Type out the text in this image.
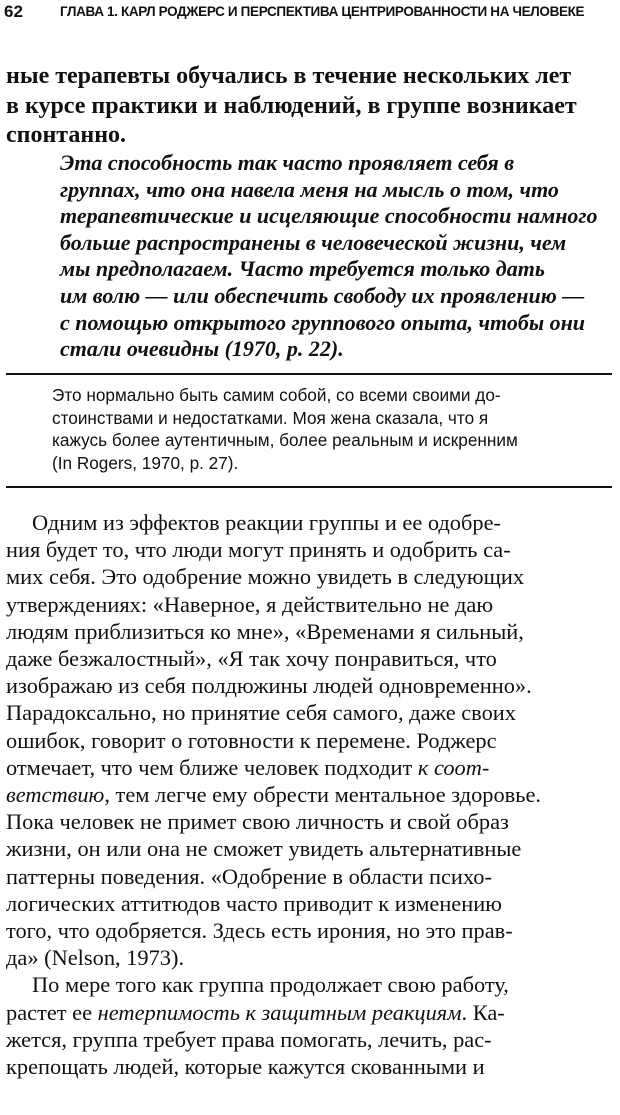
62	ГЛАВА 1. КАРЛ РОДЖЕРС И ПЕРСПЕКТИВА ЦЕНТРИРОВАННОСТИ НА ЧЕЛОВЕКЕ
ные терапевты обучались в течение нескольких лет
в курсе практики и наблюдений, в группе возникает
спонтанно.
Эта способность так часто проявляет себя в
группах, что она навела меня на мысль о том, что
терапевтические и исцеляющие способности намного
больше распространены в человеческой жизни, чем
мы предполагаем. Часто требуется только дать
им волю — или обеспечить свободу их проявлению —
с помощью открытого группового опыта, чтобы они
стали очевидны (1970, p. 22).
Это нормально быть самим собой, со всеми своими до-
стоинствами и недостатками. Моя жена сказала, что я
кажусь более аутентичным, более реальным и искренним
(In Rogers, 1970, p. 27).
Одним из эффектов реакции группы и ее одобре-
ния будет то, что люди могут принять и одобрить са-
мих себя. Это одобрение можно увидеть в следующих
утверждениях: «Наверное, я действительно не даю
людям приблизиться ко мне», «Временами я сильный,
даже безжалостный», «Я так хочу понравиться, что
изображаю из себя полдюжины людей одновременно».
Парадоксально, но принятие себя самого, даже своих
ошибок, говорит о готовности к перемене. Роджерс
отмечает, что чем ближе человек подходит к соот-
ветствию, тем легче ему обрести ментальное здоровье.
Пока человек не примет свою личность и свой образ
жизни, он или она не сможет увидеть альтернативные
паттерны поведения. «Одобрение в области психо-
логических аттитюдов часто приводит к изменению
того, что одобряется. Здесь есть ирония, но это прав-
да» (Nelson, 1973).
По мере того как группа продолжает свою работу,
растет ее нетерпимость к защитным реакциям. Ка-
жется, группа требует права помогать, лечить, рас-
крепощать людей, которые кажутся скованными и
